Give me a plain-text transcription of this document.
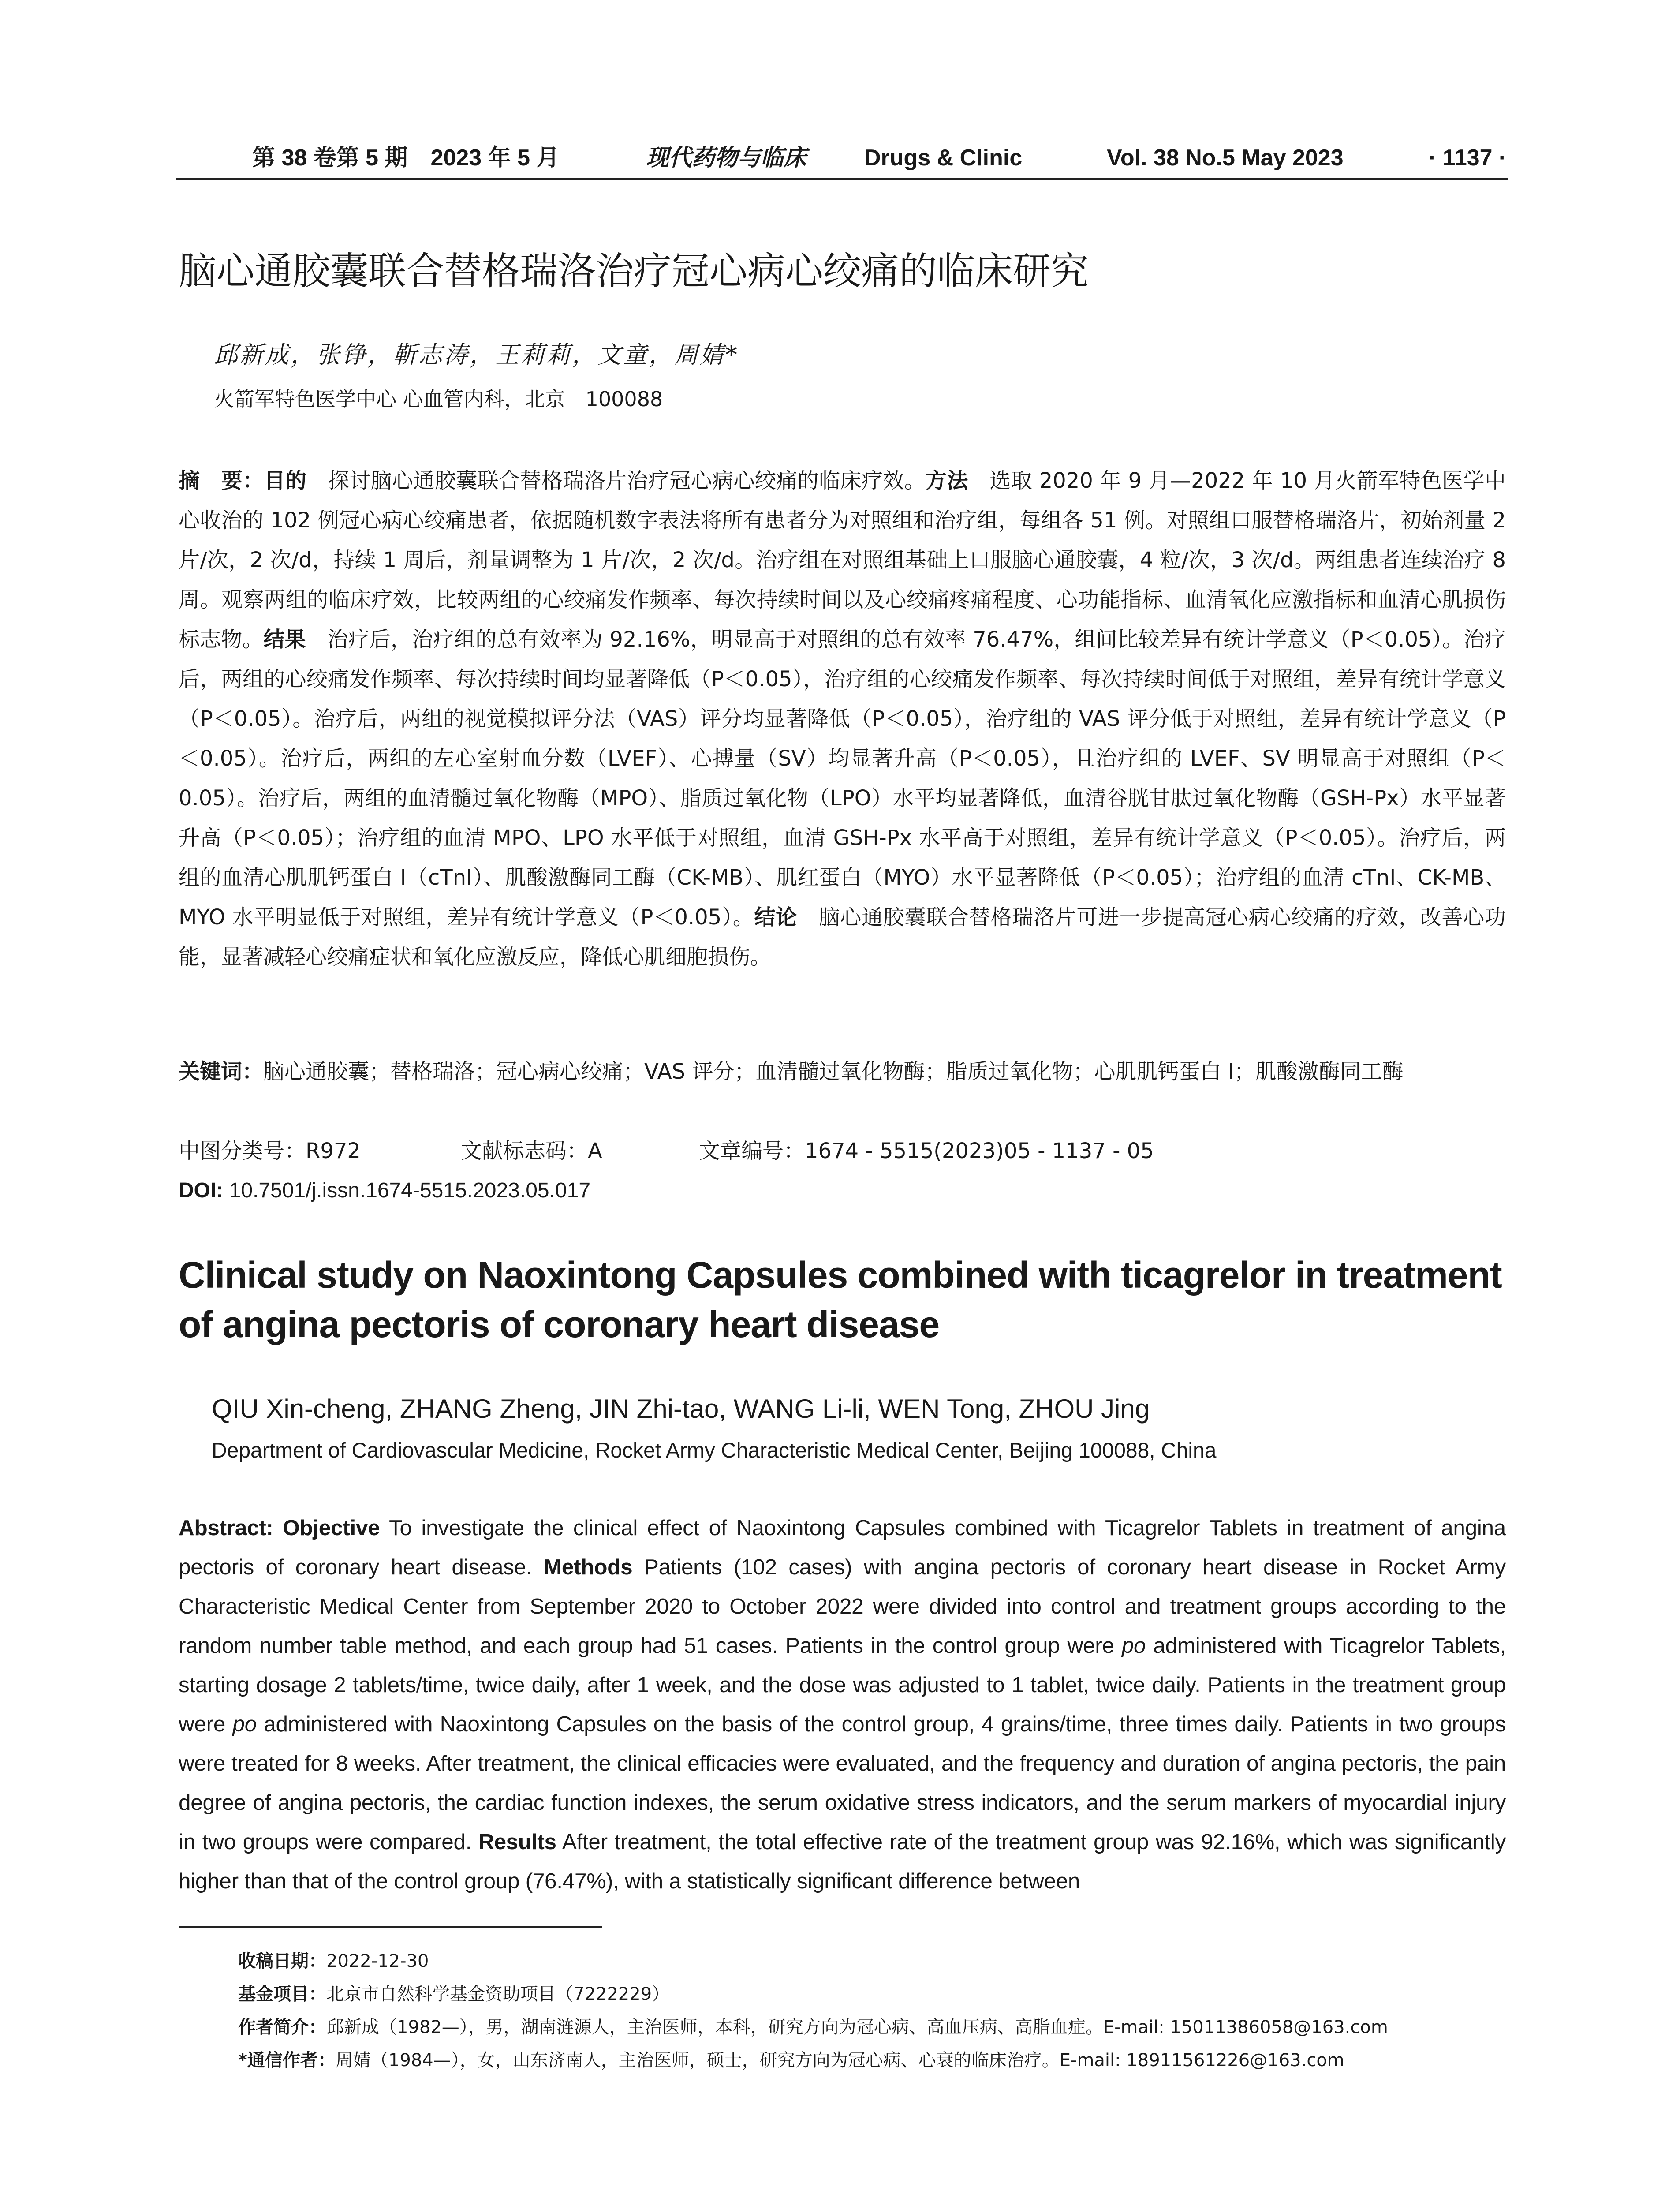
第 38 卷第 5 期　2023 年 5 月	现代药物与临床	Drugs & Clinic	Vol. 38 No.5 May 2023	· 1137 ·
脑心通胶囊联合替格瑞洛治疗冠心病心绞痛的临床研究
邱新成，张铮，靳志涛，王莉莉，文童，周婧*
火箭军特色医学中心 心血管内科，北京　100088
摘　要：目的　探讨脑心通胶囊联合替格瑞洛片治疗冠心病心绞痛的临床疗效。方法　选取 2020 年 9 月—2022 年 10 月火箭军特色医学中心收治的 102 例冠心病心绞痛患者，依据随机数字表法将所有患者分为对照组和治疗组，每组各 51 例。对照组口服替格瑞洛片，初始剂量 2 片/次，2 次/d，持续 1 周后，剂量调整为 1 片/次，2 次/d。治疗组在对照组基础上口服脑心通胶囊，4 粒/次，3 次/d。两组患者连续治疗 8 周。观察两组的临床疗效，比较两组的心绞痛发作频率、每次持续时间以及心绞痛疼痛程度、心功能指标、血清氧化应激指标和血清心肌损伤标志物。结果　治疗后，治疗组的总有效率为 92.16%，明显高于对照组的总有效率 76.47%，组间比较差异有统计学意义（P＜0.05）。治疗后，两组的心绞痛发作频率、每次持续时间均显著降低（P＜0.05），治疗组的心绞痛发作频率、每次持续时间低于对照组，差异有统计学意义（P＜0.05）。治疗后，两组的视觉模拟评分法（VAS）评分均显著降低（P＜0.05），治疗组的 VAS 评分低于对照组，差异有统计学意义（P＜0.05）。治疗后，两组的左心室射血分数（LVEF）、心搏量（SV）均显著升高（P＜0.05），且治疗组的 LVEF、SV 明显高于对照组（P＜0.05）。治疗后，两组的血清髓过氧化物酶（MPO）、脂质过氧化物（LPO）水平均显著降低，血清谷胱甘肽过氧化物酶（GSH-Px）水平显著升高（P＜0.05）；治疗组的血清 MPO、LPO 水平低于对照组，血清 GSH-Px 水平高于对照组，差异有统计学意义（P＜0.05）。治疗后，两组的血清心肌肌钙蛋白 I（cTnI）、肌酸激酶同工酶（CK-MB）、肌红蛋白（MYO）水平显著降低（P＜0.05）；治疗组的血清 cTnI、CK-MB、MYO 水平明显低于对照组，差异有统计学意义（P＜0.05）。结论　脑心通胶囊联合替格瑞洛片可进一步提高冠心病心绞痛的疗效，改善心功能，显著减轻心绞痛症状和氧化应激反应，降低心肌细胞损伤。
关键词：脑心通胶囊；替格瑞洛；冠心病心绞痛；VAS 评分；血清髓过氧化物酶；脂质过氧化物；心肌肌钙蛋白 I；肌酸激酶同工酶
中图分类号：R972	文献标志码：A	文章编号：1674 - 5515(2023)05 - 1137 - 05
DOI: 10.7501/j.issn.1674-5515.2023.05.017
Clinical study on Naoxintong Capsules combined with ticagrelor in treatment of angina pectoris of coronary heart disease
QIU Xin-cheng, ZHANG Zheng, JIN Zhi-tao, WANG Li-li, WEN Tong, ZHOU Jing
Department of Cardiovascular Medicine, Rocket Army Characteristic Medical Center, Beijing 100088, China
Abstract: Objective To investigate the clinical effect of Naoxintong Capsules combined with Ticagrelor Tablets in treatment of angina pectoris of coronary heart disease. Methods Patients (102 cases) with angina pectoris of coronary heart disease in Rocket Army Characteristic Medical Center from September 2020 to October 2022 were divided into control and treatment groups according to the random number table method, and each group had 51 cases. Patients in the control group were po administered with Ticagrelor Tablets, starting dosage 2 tablets/time, twice daily, after 1 week, and the dose was adjusted to 1 tablet, twice daily. Patients in the treatment group were po administered with Naoxintong Capsules on the basis of the control group, 4 grains/time, three times daily. Patients in two groups were treated for 8 weeks. After treatment, the clinical efficacies were evaluated, and the frequency and duration of angina pectoris, the pain degree of angina pectoris, the cardiac function indexes, the serum oxidative stress indicators, and the serum markers of myocardial injury in two groups were compared. Results After treatment, the total effective rate of the treatment group was 92.16%, which was significantly higher than that of the control group (76.47%), with a statistically significant difference between
收稿日期：2022-12-30
基金项目：北京市自然科学基金资助项目（7222229）
作者简介：邱新成（1982—），男，湖南涟源人，主治医师，本科，研究方向为冠心病、高血压病、高脂血症。E-mail: 15011386058@163.com
*通信作者：周婧（1984—），女，山东济南人，主治医师，硕士，研究方向为冠心病、心衰的临床治疗。E-mail: 18911561226@163.com
